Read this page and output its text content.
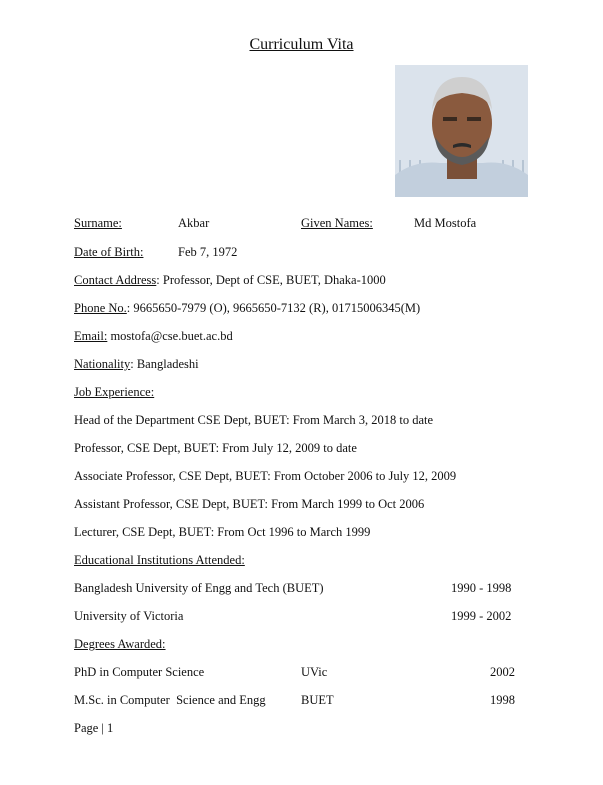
Curriculum Vita
Surname:	Akbar	Given Names:	Md Mostofa
Date of Birth:	Feb 7, 1972
Contact Address: Professor, Dept of CSE, BUET, Dhaka-1000
Phone No.: 9665650-7979 (O), 9665650-7132 (R), 01715006345(M)
Email: mostofa@cse.buet.ac.bd
Nationality: Bangladeshi
Job Experience:
Head of the Department CSE Dept, BUET: From March 3, 2018 to date
Professor, CSE Dept, BUET: From July 12, 2009 to date
Associate Professor, CSE Dept, BUET: From October 2006 to July 12, 2009
Assistant Professor, CSE Dept, BUET: From March 1999 to Oct 2006
Lecturer, CSE Dept, BUET: From Oct 1996 to March 1999
Educational Institutions Attended:
Bangladesh University of Engg and Tech (BUET)	1990 - 1998
University of Victoria	1999 - 2002
Degrees Awarded:
PhD in Computer Science	UVic	2002
M.Sc. in Computer  Science and Engg	BUET	1998
Page | 1
